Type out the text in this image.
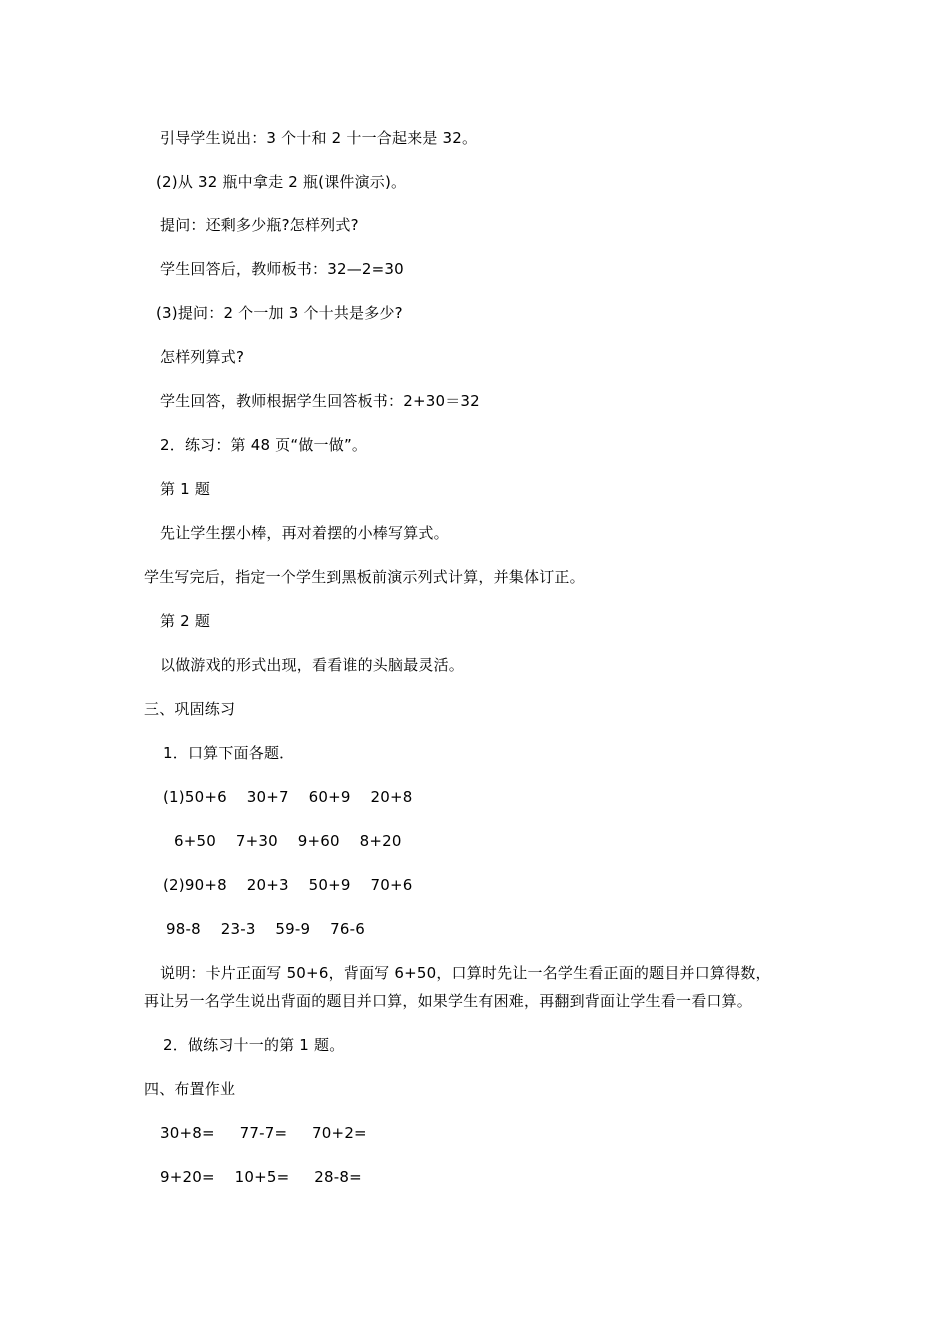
引导学生说出：3 个十和 2 十一合起来是 32。
(2)从 32 瓶中拿走 2 瓶(课件演示)。
提问：还剩多少瓶?怎样列式?
学生回答后，教师板书：32—2=30
(3)提问：2 个一加 3 个十共是多少?
怎样列算式?
学生回答，教师根据学生回答板书：2+30＝32
2．练习：第 48 页“做一做”。
第 1 题
先让学生摆小棒，再对着摆的小棒写算式。
学生写完后，指定一个学生到黑板前演示列式计算，并集体订正。
第 2 题
以做游戏的形式出现，看看谁的头脑最灵活。
三、巩固练习
1．口算下面各题．
(1)50+6    30+7    60+9    20+8
6+50    7+30    9+60    8+20
(2)90+8    20+3    50+9    70+6
98-8    23-3    59-9    76-6
说明：卡片正面写 50+6，背面写 6+50，口算时先让一名学生看正面的题目并口算得数，
再让另一名学生说出背面的题目并口算，如果学生有困难，再翻到背面让学生看一看口算。
2．做练习十一的第 1 题。
四、布置作业
30+8=     77-7=     70+2=
9+20=    10+5=     28-8=
